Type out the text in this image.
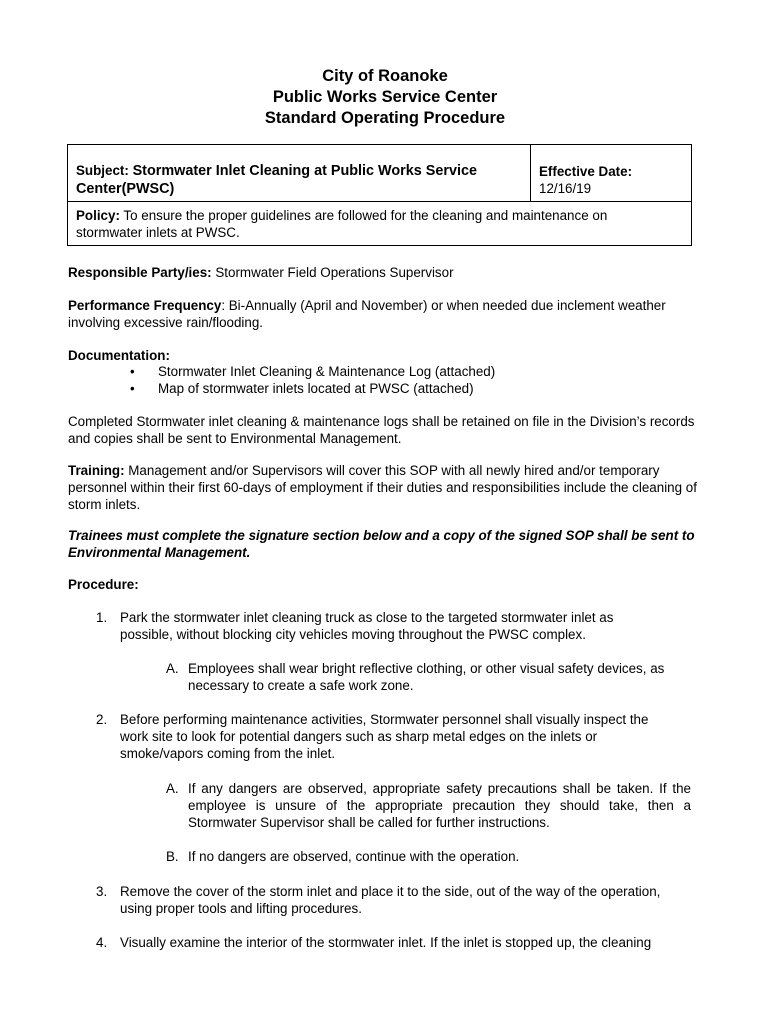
City of Roanoke
Public Works Service Center
Standard Operating Procedure
Subject: Stormwater Inlet Cleaning at Public Works Service Center(PWSC)
Effective Date:
12/16/19
Policy: To ensure the proper guidelines are followed for the cleaning and maintenance on stormwater inlets at PWSC.
Responsible Party/ies: Stormwater Field Operations Supervisor
Performance Frequency: Bi-Annually (April and November) or when needed due inclement weather involving excessive rain/flooding.
Documentation:
• Stormwater Inlet Cleaning & Maintenance Log (attached)
• Map of stormwater inlets located at PWSC (attached)
Completed Stormwater inlet cleaning & maintenance logs shall be retained on file in the Division’s records and copies shall be sent to Environmental Management.
Training: Management and/or Supervisors will cover this SOP with all newly hired and/or temporary personnel within their first 60-days of employment if their duties and responsibilities include the cleaning of storm inlets.
Trainees must complete the signature section below and a copy of the signed SOP shall be sent to Environmental Management.
Procedure:
1. Park the stormwater inlet cleaning truck as close to the targeted stormwater inlet as possible, without blocking city vehicles moving throughout the PWSC complex.
A. Employees shall wear bright reflective clothing, or other visual safety devices, as necessary to create a safe work zone.
2. Before performing maintenance activities, Stormwater personnel shall visually inspect the work site to look for potential dangers such as sharp metal edges on the inlets or smoke/vapors coming from the inlet.
A. If any dangers are observed, appropriate safety precautions shall be taken. If the employee is unsure of the appropriate precaution they should take, then a Stormwater Supervisor shall be called for further instructions.
B. If no dangers are observed, continue with the operation.
3. Remove the cover of the storm inlet and place it to the side, out of the way of the operation, using proper tools and lifting procedures.
4. Visually examine the interior of the stormwater inlet. If the inlet is stopped up, the cleaning
